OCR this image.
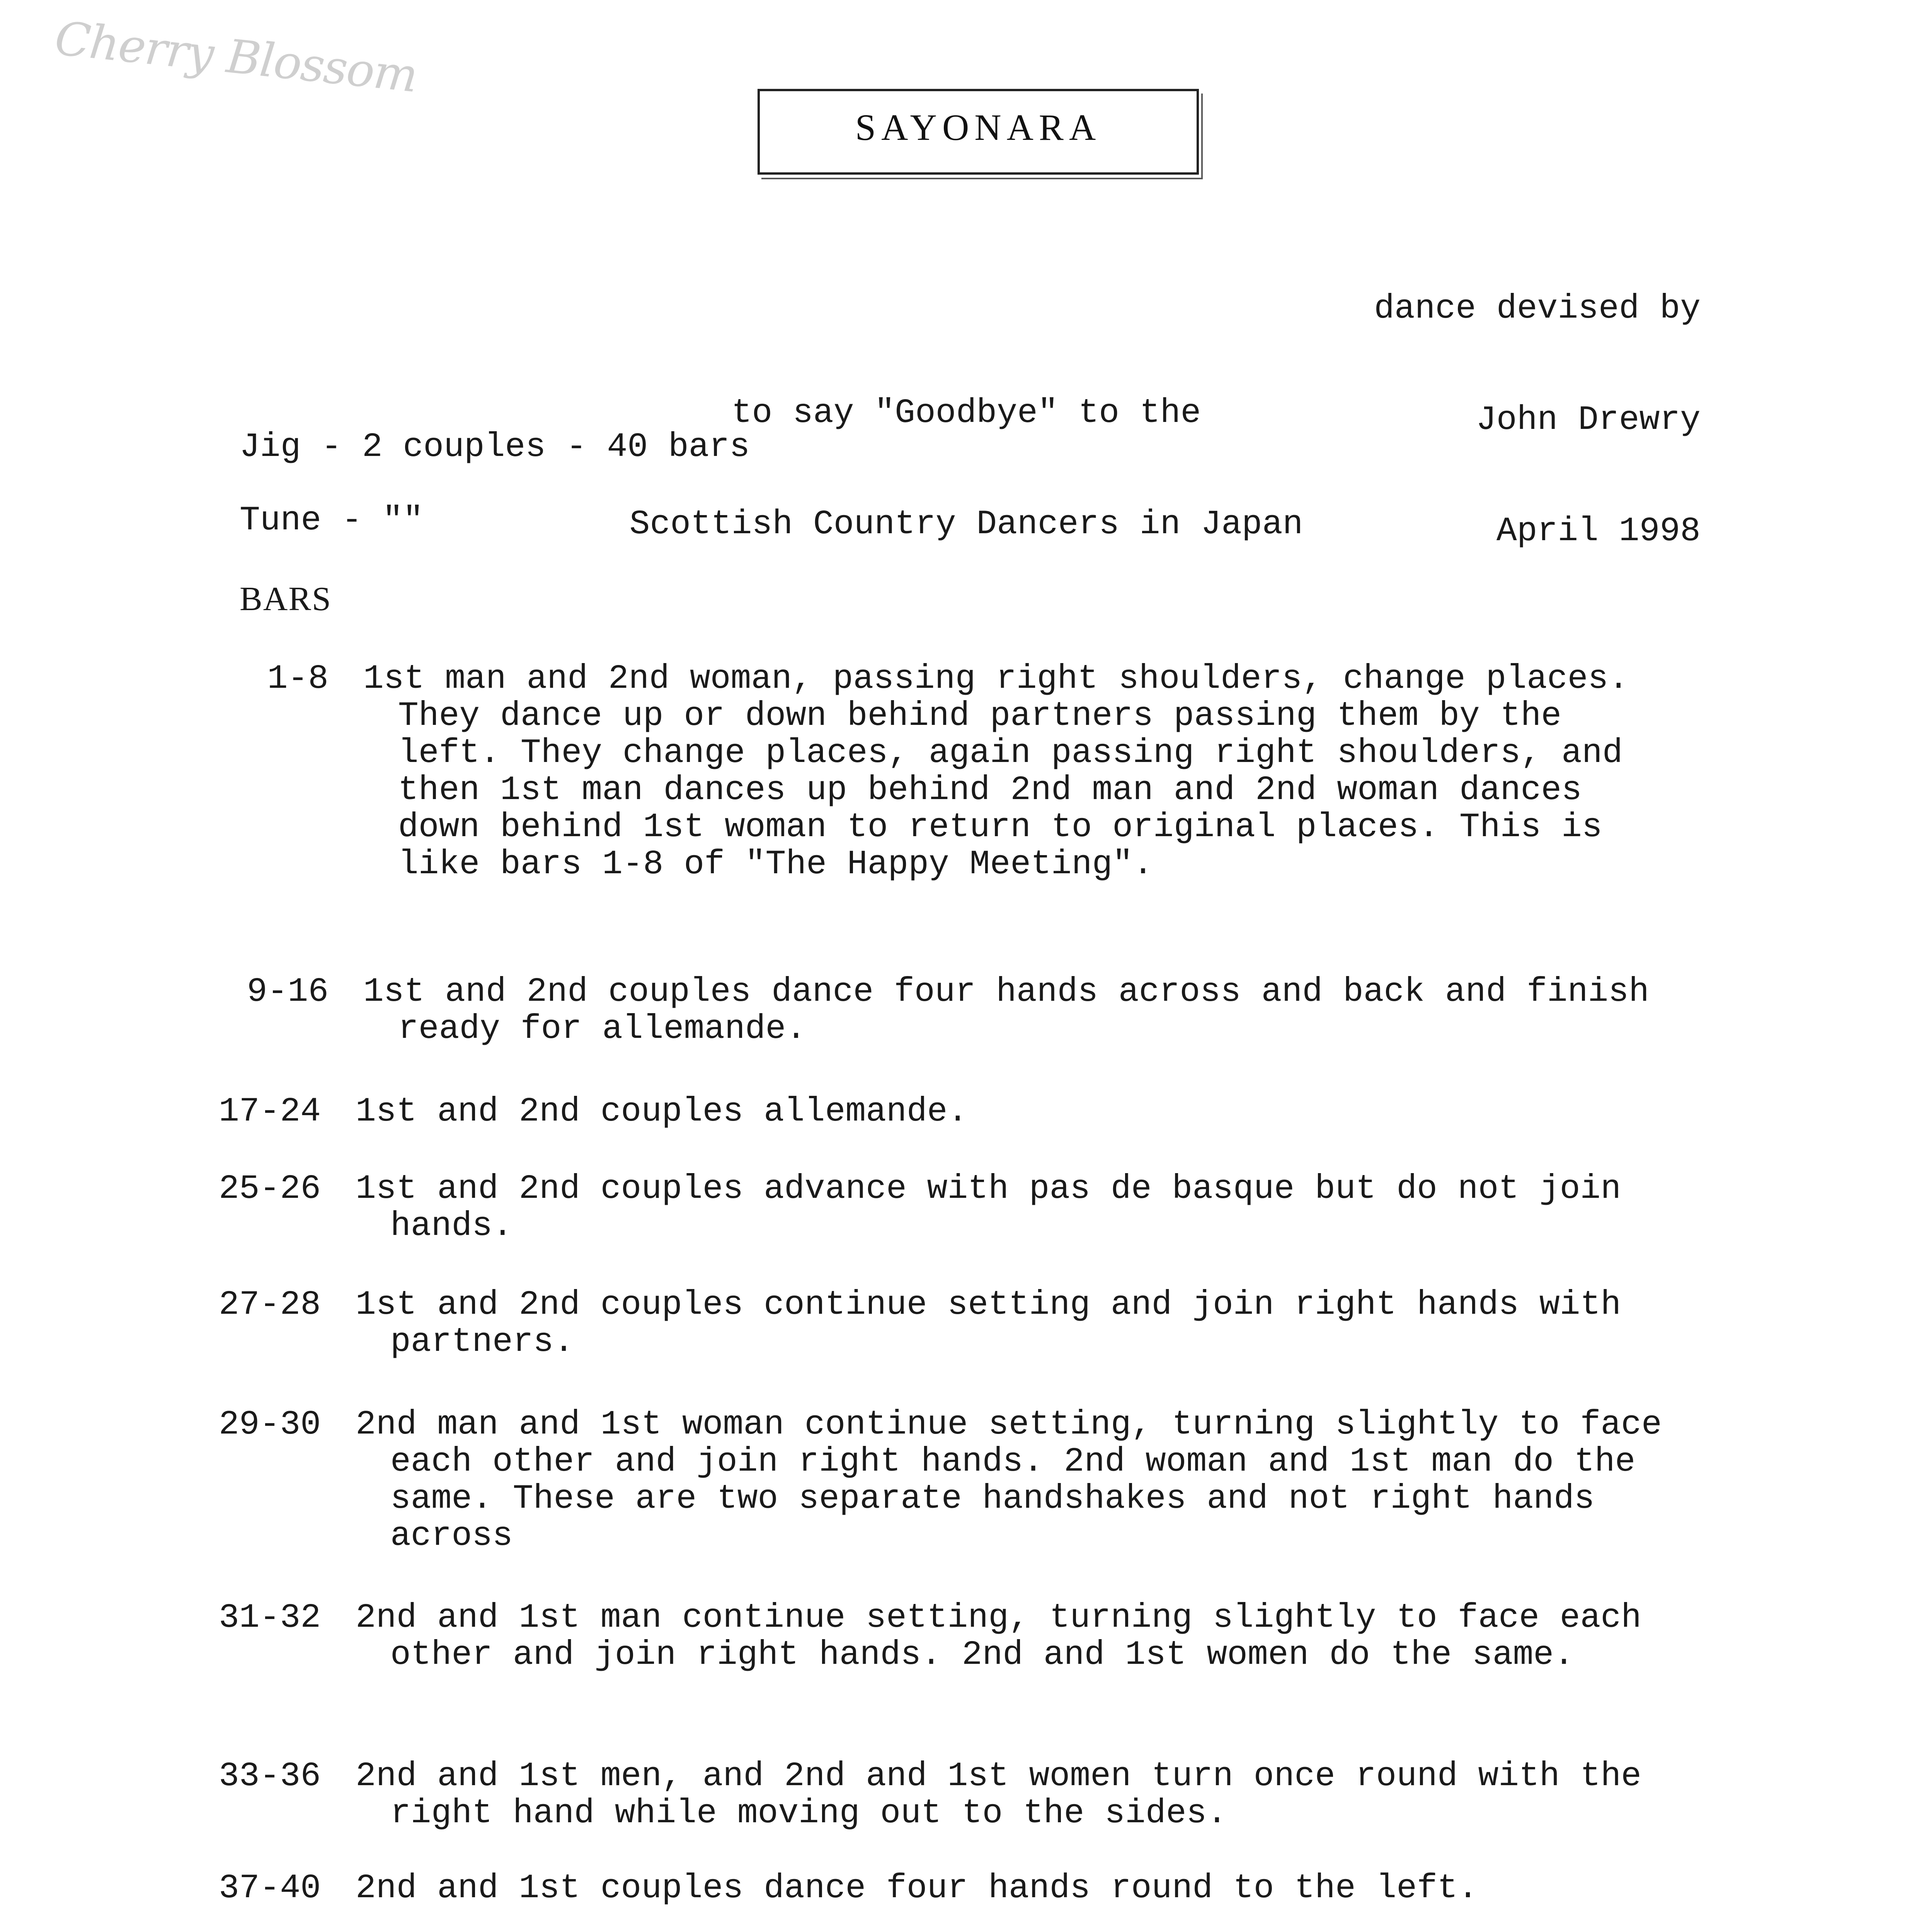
Cherry Blossom
SAYONARA

dance devised by

John Drewry

April 1998

to say "Goodbye" to the

Scottish Country Dancers in Japan

Jig - 2 couples - 40 bars
Tune - ""
BARS
1-8	1st man and 2nd woman, passing right shoulders, change places. They dance up or down behind partners passing them by the left. They change places, again passing right shoulders, and then 1st man dances up behind 2nd man and 2nd woman dances down behind 1st woman to return to original places. This is like bars 1-8 of "The Happy Meeting".
9-16	1st and 2nd couples dance four hands across and back and finish ready for allemande.
17-24	1st and 2nd couples allemande.
25-26	1st and 2nd couples advance with pas de basque but do not join hands.
27-28	1st and 2nd couples continue setting and join right hands with partners.
29-30	2nd man and 1st woman continue setting, turning slightly to face each other and join right hands. 2nd woman and 1st man do the same. These are two separate handshakes and not right hands across
31-32	2nd and 1st man continue setting, turning slightly to face each other and join right hands. 2nd and 1st women do the same.
33-36	2nd and 1st men, and 2nd and 1st women turn once round with the right hand while moving out to the sides.
37-40	2nd and 1st couples dance four hands round to the left.
